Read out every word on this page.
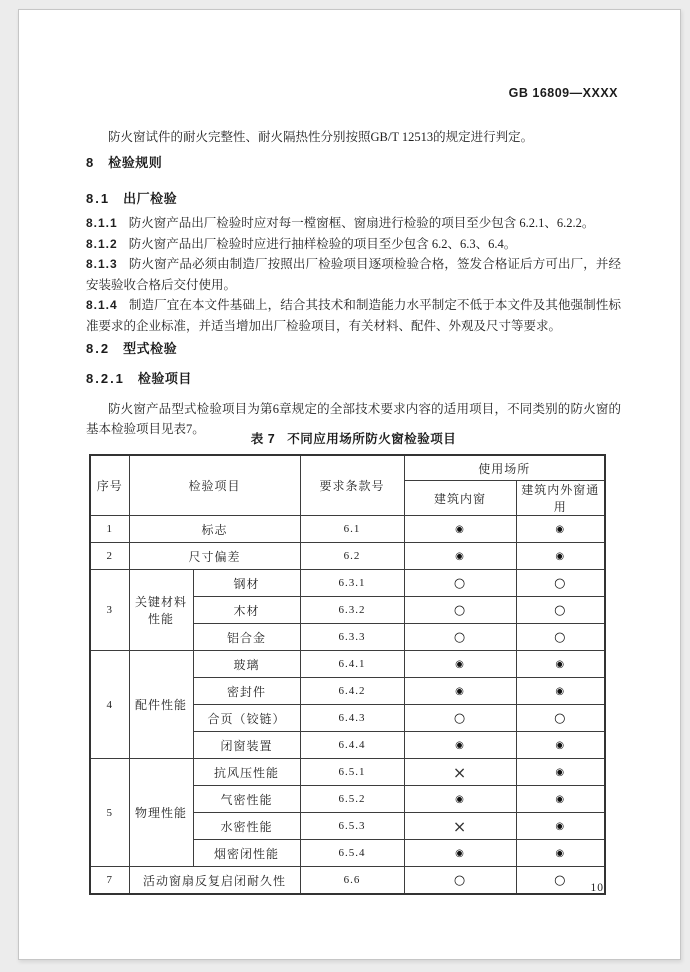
GB 16809—XXXX

防火窗试件的耐火完整性、耐火隔热性分别按照GB/T 12513的规定进行判定。

8 检验规则
8.1 出厂检验

8.1.1 防火窗产品出厂检验时应对每一樘窗框、窗扇进行检验的项目至少包含 6.2.1、6.2.2。

8.1.2 防火窗产品出厂检验时应进行抽样检验的项目至少包含 6.2、6.3、6.4。

8.1.3 防火窗产品必须由制造厂按照出厂检验项目逐项检验合格，签发合格证后方可出厂，并经安装验收合格后交付使用。

8.1.4 制造厂宜在本文件基础上，结合其技术和制造能力水平制定不低于本文件及其他强制性标准要求的企业标准，并适当增加出厂检验项目，有关材料、配件、外观及尺寸等要求。

8.2 型式检验
8.2.1 检验项目

防火窗产品型式检验项目为第6章规定的全部技术要求内容的适用项目，不同类别的防火窗的基本检验项目见表7。

表 7 不同应用场所防火窗检验项目
序号	检验项目		要求条款号	使用场所	
				建筑内窗	建筑内外窗通用
1	标志		6.1	◉	◉
2	尺寸偏差		6.2	◉	◉
3	关键材料性能	钢材	6.3.1	○	○
		木材	6.3.2	○	○
		铝合金	6.3.3	○	○
4	配件性能	玻璃	6.4.1	◉	◉
		密封件	6.4.2	◉	◉
		合页（铰链）	6.4.3	○	○
		闭窗装置	6.4.4	◉	◉
5	物理性能	抗风压性能	6.5.1	×	◉
		气密性能	6.5.2	◉	◉
		水密性能	6.5.3	×	◉
		烟密闭性能	6.5.4	◉	◉
7	活动窗扇反复启闭耐久性		6.6	○	○
10
